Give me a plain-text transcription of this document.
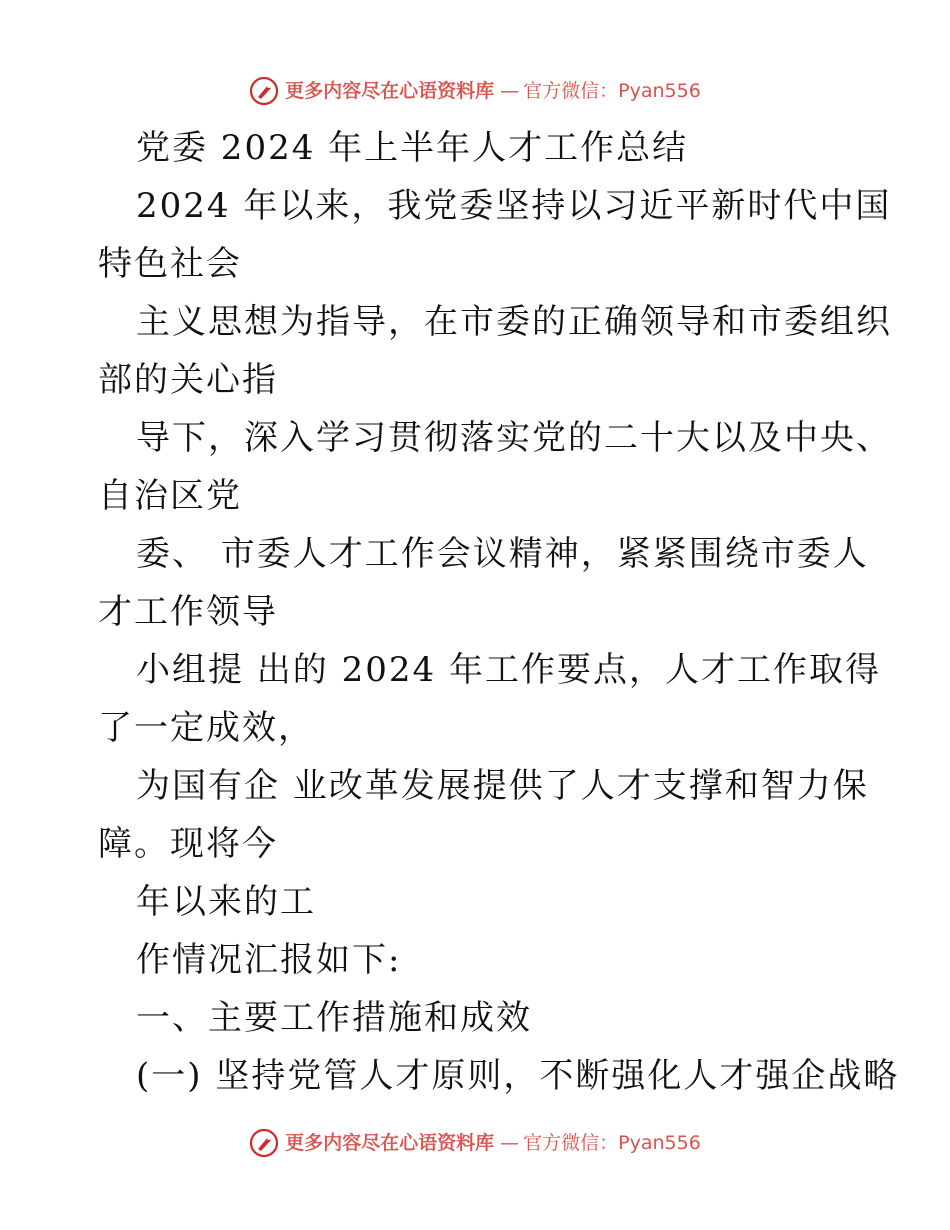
更多内容尽在心语资料库 — 官方微信：Pyan556
党委 2024 年上半年人才工作总结
2024 年以来，我党委坚持以习近平新时代中国
特色社会
主义思想为指导，在市委的正确领导和市委组织
部的关心指
导下，深入学习贯彻落实党的二十大以及中央、
自治区党
委、 市委人才工作会议精神，紧紧围绕市委人
才工作领导
小组提 出的 2024 年工作要点，人才工作取得
了一定成效，
为国有企 业改革发展提供了人才支撑和智力保
障。现将今
年以来的工
作情况汇报如下:
一、主要工作措施和成效
(一) 坚持党管人才原则，不断强化人才强企战略
更多内容尽在心语资料库 — 官方微信：Pyan556
